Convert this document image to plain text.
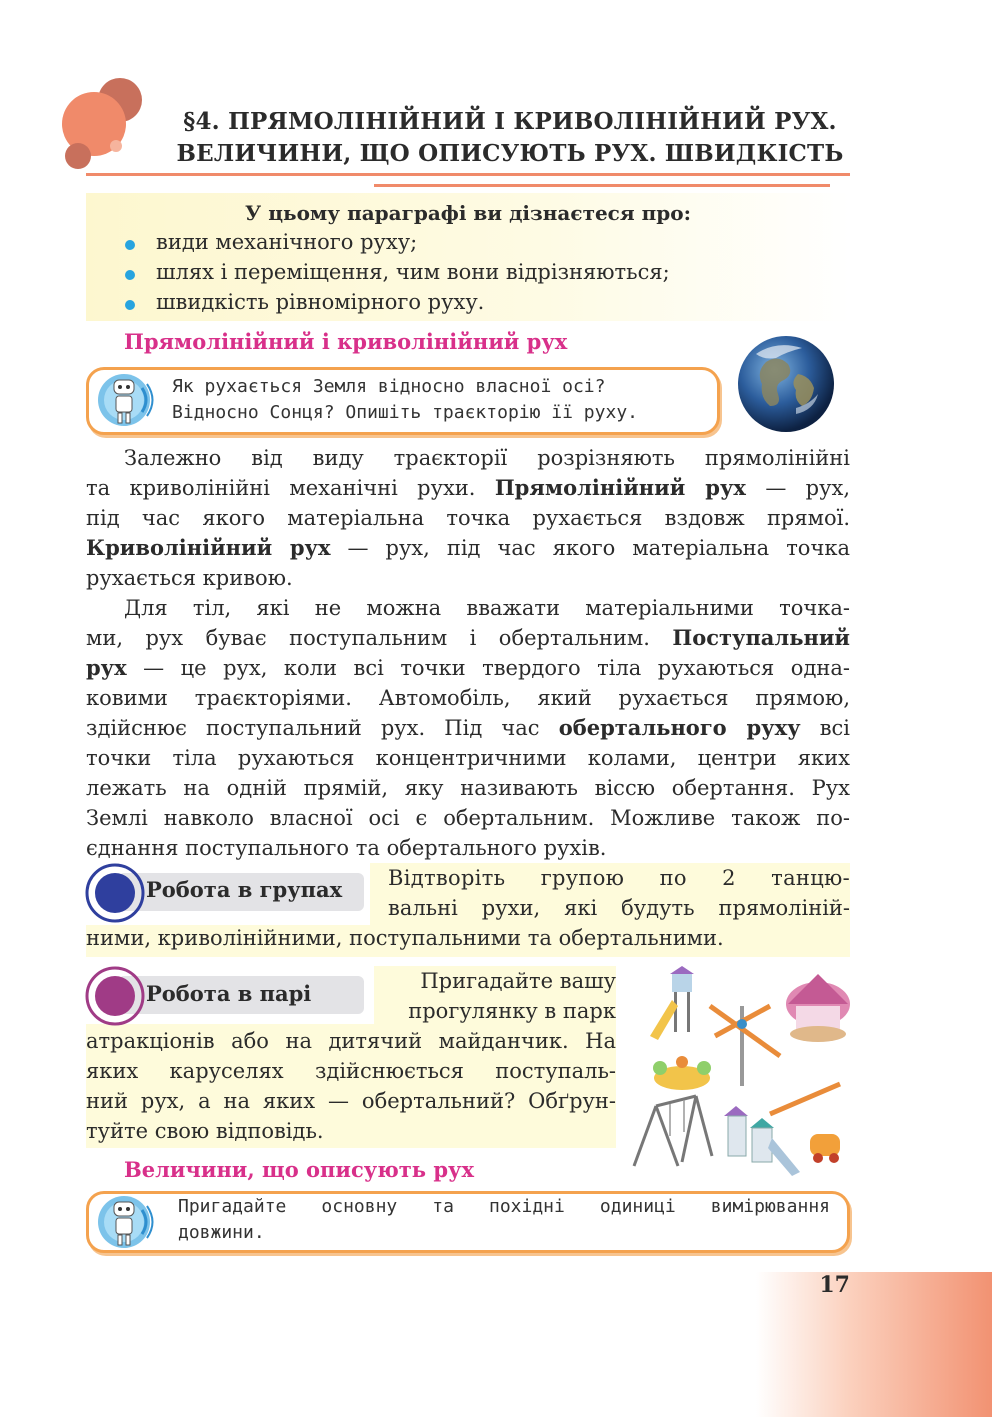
§4. ПРЯМОЛІНІЙНИЙ І КРИВОЛІНІЙНИЙ РУХ.
ВЕЛИЧИНИ, ЩО ОПИСУЮТЬ РУХ. ШВИДКІСТЬ
У цьому параграфі ви дізнаєтеся про:
види механічного руху;
шлях і переміщення, чим вони відрізняються;
швидкість рівномірного руху.
Прямолінійний і криволінійний рух
Як рухається Земля відносно власної осі?
Відносно Сонця? Опишіть траєкторію її руху.
Залежно від виду траєкторії розрізняють прямолінійні
та криволінійні механічні рухи. Прямолінійний рух — рух,
під час якого матеріальна точка рухається вздовж прямої.
Криволінійний рух — рух, під час якого матеріальна точка
рухається кривою.
Для тіл, які не можна вважати матеріальними точка-
ми, рух буває поступальним і обертальним. Поступальний
рух — це рух, коли всі точки твердого тіла рухаються однa-
ковими траєкторіями. Автомобіль, який рухається прямою,
здійснює поступальний рух. Під час обертального руху всі
точки тіла рухаються концентричними колами, центри яких
лежать на одній прямій, яку називають віссю обертання. Рух
Землі навколо власної осі є обертальним. Можливе також по-
єднання поступального та обертального рухів.
Робота в групах Відтворіть групою по 2 танцю-
вальні рухи, які будуть прямоліній-
ними, криволінійними, поступальними та обертальними.
Робота в парі	Пригадайте вашу
прогулянку в парк
атракціонів або на дитячий майданчик. На
яких каруселях здійснюється поступаль-
ний рух, а на яких — обертальний? Обґрун-
туйте свою відповідь.
Величини, що описують рух
Пригадайте основну та похідні одиниці вимірювання
довжини.
17
